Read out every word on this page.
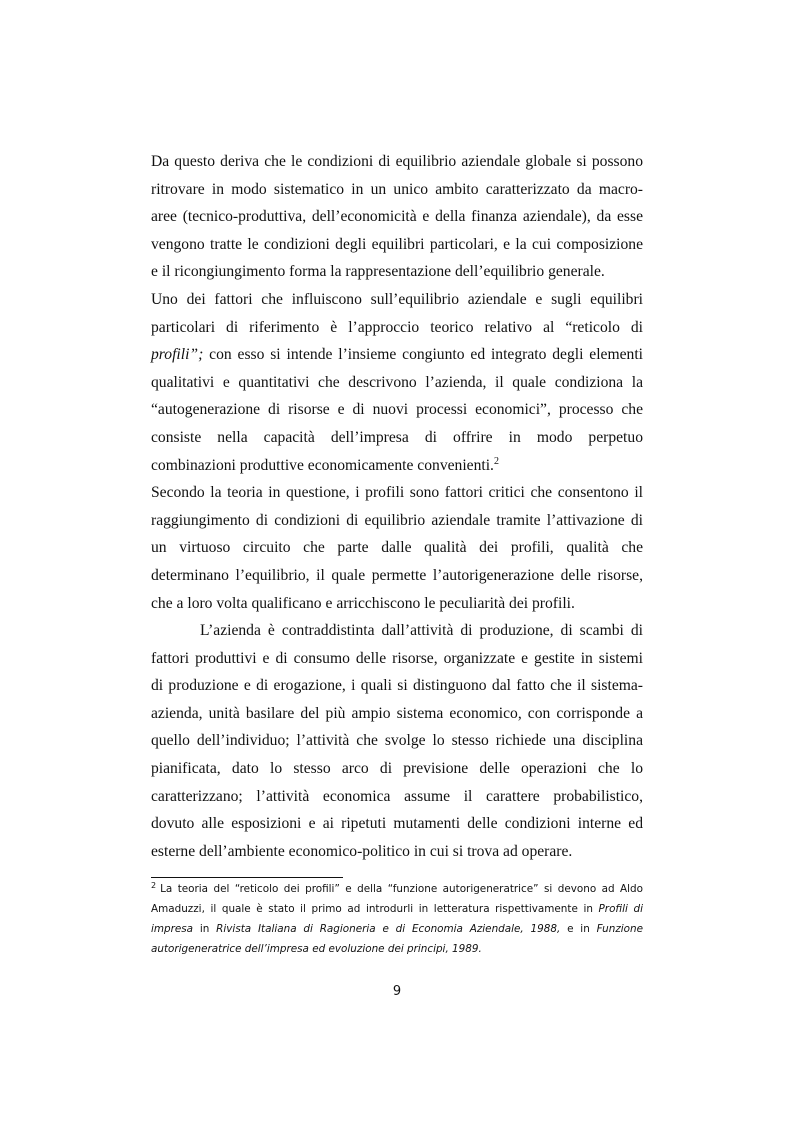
Da questo deriva che le condizioni di equilibrio aziendale globale si possono
ritrovare in modo sistematico in un unico ambito caratterizzato da macro-
aree (tecnico-produttiva, dell’economicità e della finanza aziendale), da esse
vengono tratte le condizioni degli equilibri particolari, e la cui composizione
e il ricongiungimento forma la rappresentazione dell’equilibrio generale.
Uno dei fattori che influiscono sull’equilibrio aziendale e sugli equilibri
particolari di riferimento è l’approccio teorico relativo al “reticolo di
profili”; con esso si intende l’insieme congiunto ed integrato degli elementi
qualitativi e quantitativi che descrivono l’azienda, il quale condiziona la
“autogenerazione di risorse e di nuovi processi economici”, processo che
consiste nella capacità dell’impresa di offrire in modo perpetuo
combinazioni produttive economicamente convenienti.$^2$
Secondo la teoria in questione, i profili sono fattori critici che consentono il
raggiungimento di condizioni di equilibrio aziendale tramite l’attivazione di
un virtuoso circuito che parte dalle qualità dei profili, qualità che
determinano l’equilibrio, il quale permette l’autorigenerazione delle risorse,
che a loro volta qualificano e arricchiscono le peculiarità dei profili.
L’azienda è contraddistinta dall’attività di produzione, di scambi di
fattori produttivi e di consumo delle risorse, organizzate e gestite in sistemi
di produzione e di erogazione, i quali si distinguono dal fatto che il sistema-
azienda, unità basilare del più ampio sistema economico, con corrisponde a
quello dell’individuo; l’attività che svolge lo stesso richiede una disciplina
pianificata, dato lo stesso arco di previsione delle operazioni che lo
caratterizzano; l’attività economica assume il carattere probabilistico,
dovuto alle esposizioni e ai ripetuti mutamenti delle condizioni interne ed
esterne dell’ambiente economico-politico in cui si trova ad operare.
$^2$ La teoria del “reticolo dei profili” e della “funzione autorigeneratrice” si devono ad Aldo
Amaduzzi, il quale è stato il primo ad introdurli in letteratura rispettivamente in Profili di
impresa in Rivista Italiana di Ragioneria e di Economia Aziendale, 1988, e in Funzione
autorigeneratrice dell’impresa ed evoluzione dei principi, 1989.
9
